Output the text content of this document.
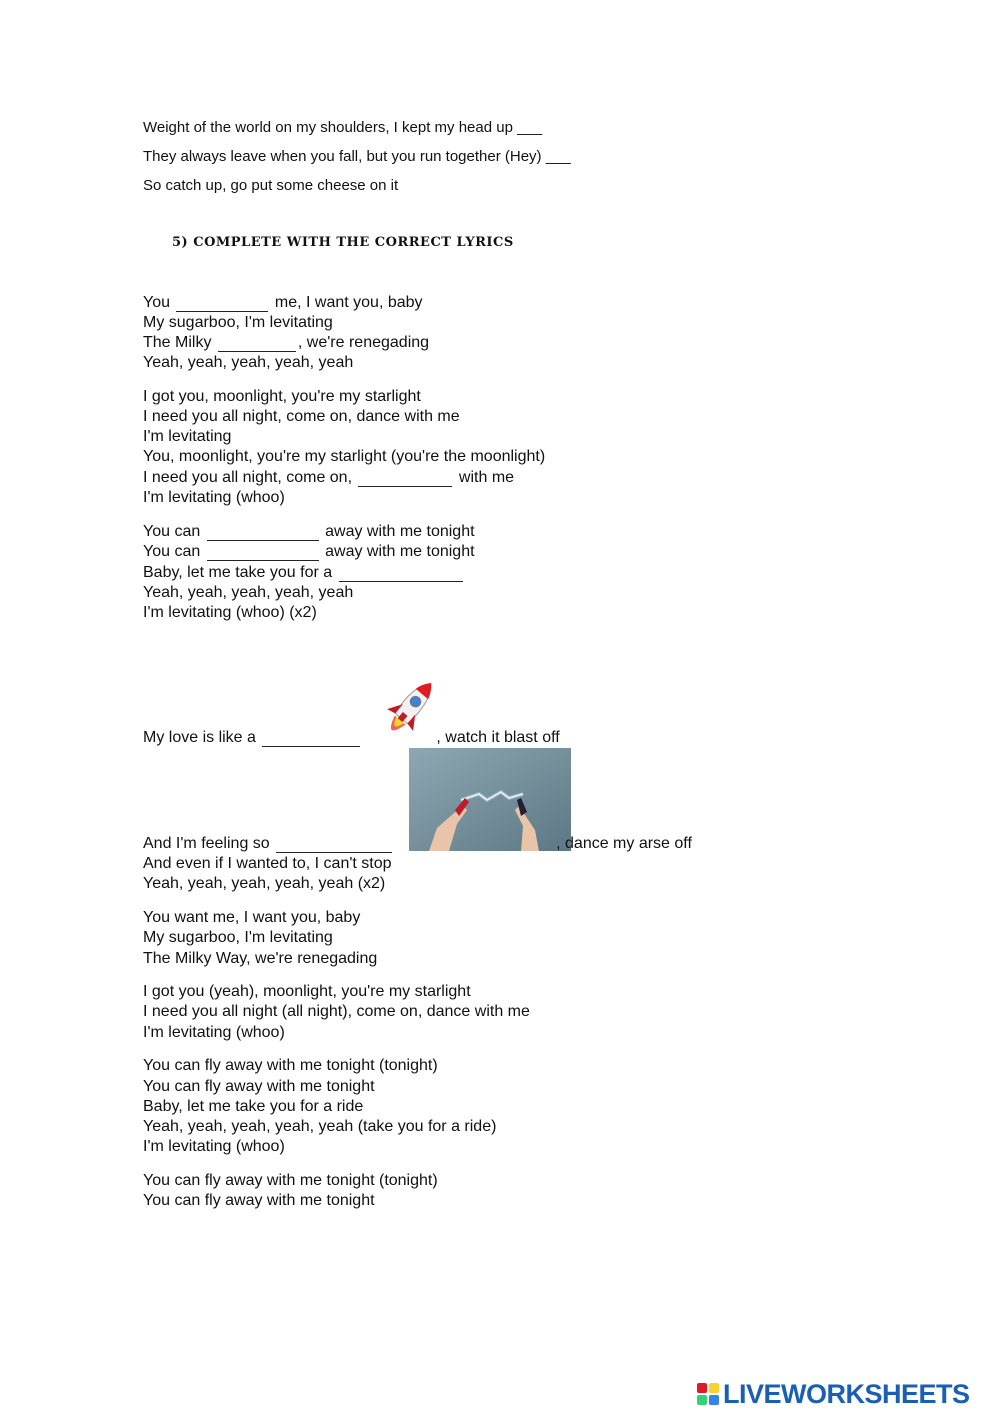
Weight of the world on my shoulders, I kept my head up ___
They always leave when you fall, but you run together (Hey) ___
So catch up, go put some cheese on it
5) COMPLETE WITH THE CORRECT LYRICS
You	me, I want you, baby
My sugarboo, I'm levitating
The Milky	, we're renegading
Yeah, yeah, yeah, yeah, yeah
I got you, moonlight, you're my starlight
I need you all night, come on, dance with me
I'm levitating
You, moonlight, you're my starlight (you're the moonlight)
I need you all night, come on,	with me
I'm levitating (whoo)
You can	away with me tonight
You can	away with me tonight
Baby, let me take you for a
Yeah, yeah, yeah, yeah, yeah
I'm levitating (whoo) (x2)
My love is like a	, watch it blast off
And I'm feeling so	, dance my arse off
And even if I wanted to, I can't stop
Yeah, yeah, yeah, yeah, yeah (x2)
You want me, I want you, baby
My sugarboo, I'm levitating
The Milky Way, we're renegading
I got you (yeah), moonlight, you're my starlight
I need you all night (all night), come on, dance with me
I'm levitating (whoo)
You can fly away with me tonight (tonight)
You can fly away with me tonight
Baby, let me take you for a ride
Yeah, yeah, yeah, yeah, yeah (take you for a ride)
I'm levitating (whoo)
You can fly away with me tonight (tonight)
You can fly away with me tonight
LIVEWORKSHEETS
